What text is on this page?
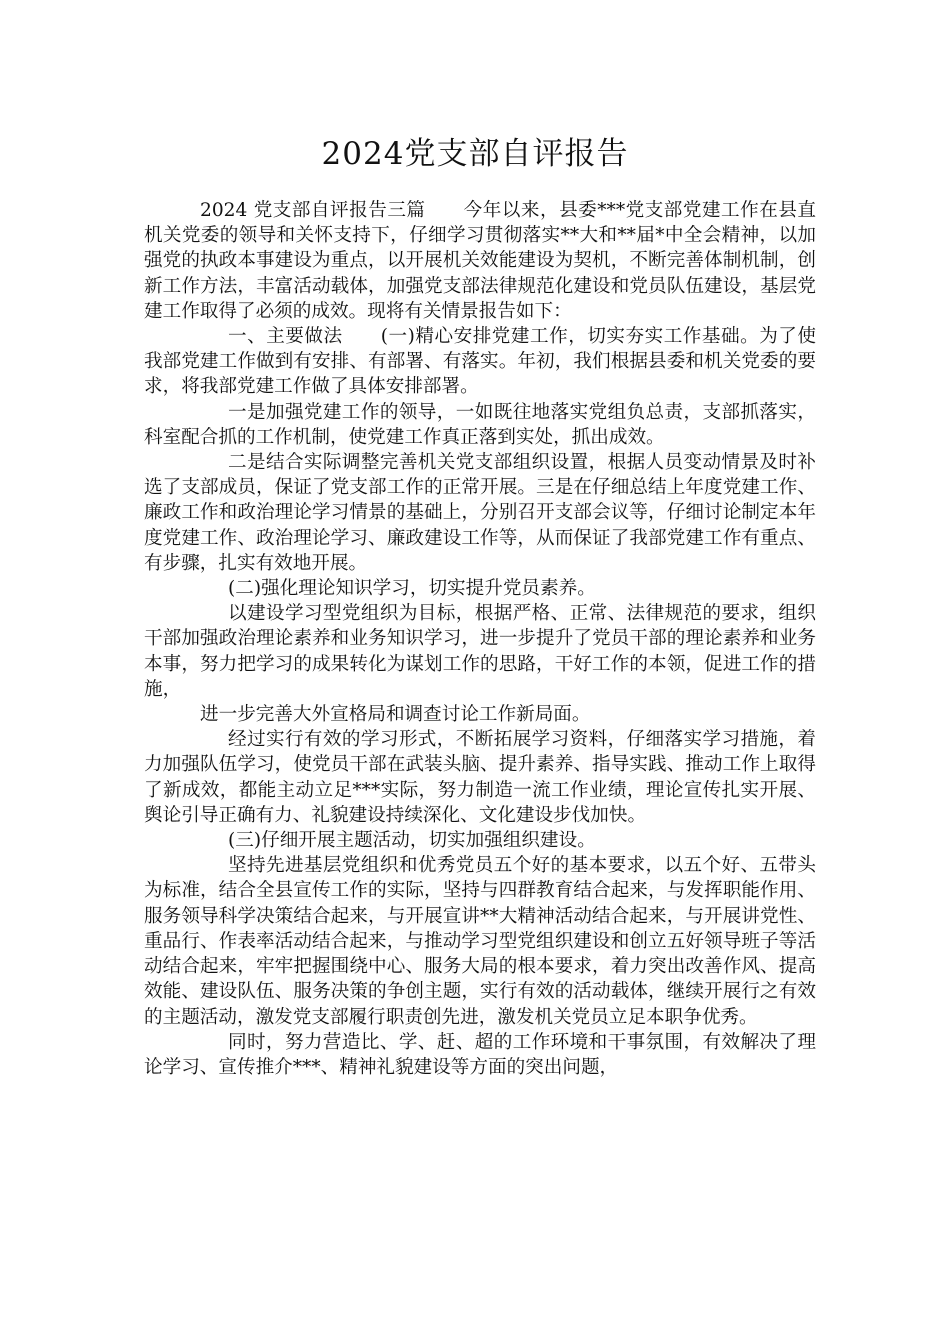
2024党支部自评报告

2024 党支部自评报告三篇　　今年以来，县委***党支部党建工作在县直机关党委的领导和关怀支持下，仔细学习贯彻落实**大和**届*中全会精神，以加强党的执政本事建设为重点，以开展机关效能建设为契机，不断完善体制机制，创新工作方法，丰富活动载体，加强党支部法律规范化建设和党员队伍建设，基层党建工作取得了必须的成效。现将有关情景报告如下：

一、主要做法　　(一)精心安排党建工作，切实夯实工作基础。为了使我部党建工作做到有安排、有部署、有落实。年初，我们根据县委和机关党委的要求，将我部党建工作做了具体安排部署。

一是加强党建工作的领导，一如既往地落实党组负总责，支部抓落实，科室配合抓的工作机制，使党建工作真正落到实处，抓出成效。

二是结合实际调整完善机关党支部组织设置，根据人员变动情景及时补选了支部成员，保证了党支部工作的正常开展。三是在仔细总结上年度党建工作、廉政工作和政治理论学习情景的基础上，分别召开支部会议等，仔细讨论制定本年度党建工作、政治理论学习、廉政建设工作等，从而保证了我部党建工作有重点、有步骤，扎实有效地开展。

(二)强化理论知识学习，切实提升党员素养。

以建设学习型党组织为目标，根据严格、正常、法律规范的要求，组织干部加强政治理论素养和业务知识学习，进一步提升了党员干部的理论素养和业务本事，努力把学习的成果转化为谋划工作的思路，干好工作的本领，促进工作的措施，

进一步完善大外宣格局和调查讨论工作新局面。

经过实行有效的学习形式，不断拓展学习资料，仔细落实学习措施，着力加强队伍学习，使党员干部在武装头脑、提升素养、指导实践、推动工作上取得了新成效，都能主动立足***实际，努力制造一流工作业绩，理论宣传扎实开展、舆论引导正确有力、礼貌建设持续深化、文化建设步伐加快。

(三)仔细开展主题活动，切实加强组织建设。

坚持先进基层党组织和优秀党员五个好的基本要求，以五个好、五带头为标准，结合全县宣传工作的实际，坚持与四群教育结合起来，与发挥职能作用、服务领导科学决策结合起来，与开展宣讲**大精神活动结合起来，与开展讲党性、重品行、作表率活动结合起来，与推动学习型党组织建设和创立五好领导班子等活动结合起来，牢牢把握围绕中心、服务大局的根本要求，着力突出改善作风、提高效能、建设队伍、服务决策的争创主题，实行有效的活动载体，继续开展行之有效的主题活动，激发党支部履行职责创先进，激发机关党员立足本职争优秀。

同时，努力营造比、学、赶、超的工作环境和干事氛围，有效解决了理论学习、宣传推介***、精神礼貌建设等方面的突出问题，
